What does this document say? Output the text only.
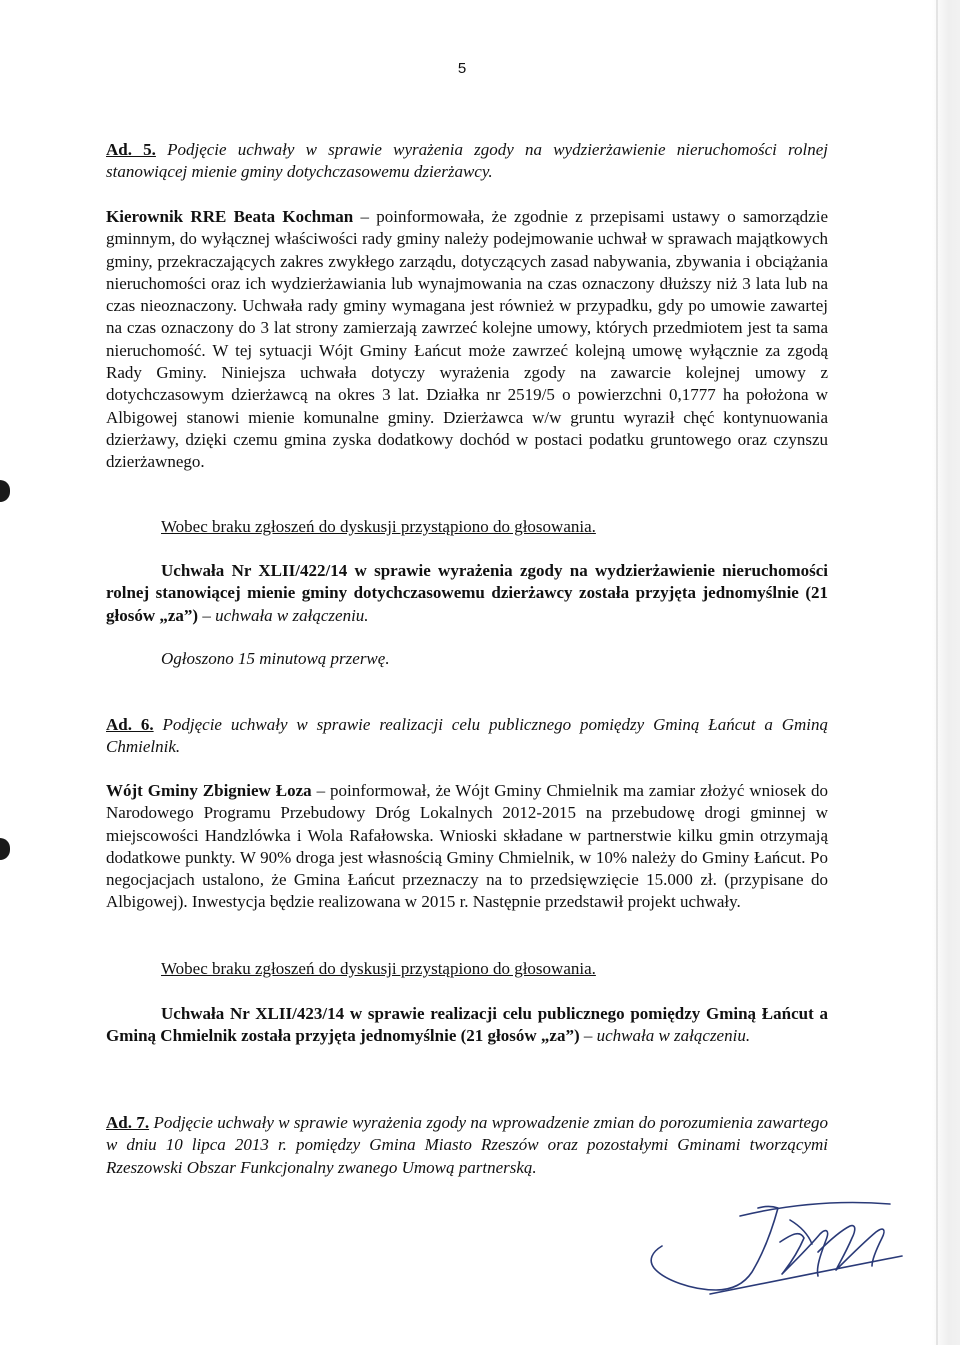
5
Ad. 5. Podjęcie uchwały w sprawie wyrażenia zgody na wydzierżawienie nieruchomości rolnej stanowiącej mienie gminy dotychczasowemu dzierżawcy.
Kierownik RRE Beata Kochman – poinformowała, że zgodnie z przepisami ustawy o samorządzie gminnym, do wyłącznej właściwości rady gminy należy podejmowanie uchwał w sprawach majątkowych gminy, przekraczających zakres zwykłego zarządu, dotyczących zasad nabywania, zbywania i obciążania nieruchomości oraz ich wydzierżawiania lub wynajmowania na czas oznaczony dłuższy niż 3 lata lub na czas nieoznaczony. Uchwała rady gminy wymagana jest również w przypadku, gdy po umowie zawartej na czas oznaczony do 3 lat strony zamierzają zawrzeć kolejne umowy, których przedmiotem jest ta sama nieruchomość. W tej sytuacji Wójt Gminy Łańcut może zawrzeć kolejną umowę wyłącznie za zgodą Rady Gminy. Niniejsza uchwała dotyczy wyrażenia zgody na zawarcie kolejnej umowy z dotychczasowym dzierżawcą na okres 3 lat. Działka nr 2519/5 o powierzchni 0,1777 ha położona w Albigowej stanowi mienie komunalne gminy. Dzierżawca w/w gruntu wyraził chęć kontynuowania dzierżawy, dzięki czemu gmina zyska dodatkowy dochód w postaci podatku gruntowego oraz czynszu dzierżawnego.
Wobec braku zgłoszeń do dyskusji przystąpiono do głosowania.
Uchwała Nr XLII/422/14 w sprawie wyrażenia zgody na wydzierżawienie nieruchomości rolnej stanowiącej mienie gminy dotychczasowemu dzierżawcy została przyjęta jednomyślnie (21 głosów „za”) – uchwała w załączeniu.
Ogłoszono 15 minutową przerwę.
Ad. 6. Podjęcie uchwały w sprawie realizacji celu publicznego pomiędzy Gminą Łańcut a Gminą Chmielnik.
Wójt Gminy Zbigniew Łoza – poinformował, że Wójt Gminy Chmielnik ma zamiar złożyć wniosek do Narodowego Programu Przebudowy Dróg Lokalnych 2012-2015 na przebudowę drogi gminnej w miejscowości Handzlówka i Wola Rafałowska. Wnioski składane w partnerstwie kilku gmin otrzymają dodatkowe punkty. W 90% droga jest własnością Gminy Chmielnik, w 10% należy do Gminy Łańcut. Po negocjacjach ustalono, że Gmina Łańcut przeznaczy na to przedsięwzięcie 15.000 zł. (przypisane do Albigowej). Inwestycja będzie realizowana w 2015 r. Następnie przedstawił projekt uchwały.
Wobec braku zgłoszeń do dyskusji przystąpiono do głosowania.
Uchwała Nr XLII/423/14 w sprawie realizacji celu publicznego pomiędzy Gminą Łańcut a Gminą Chmielnik została przyjęta jednomyślnie (21 głosów „za”) – uchwała w załączeniu.
Ad. 7. Podjęcie uchwały w sprawie wyrażenia zgody na wprowadzenie zmian do porozumienia zawartego w dniu 10 lipca 2013 r. pomiędzy Gmina Miasto Rzeszów oraz pozostałymi Gminami tworzącymi Rzeszowski Obszar Funkcjonalny zwanego Umową partnerską.
